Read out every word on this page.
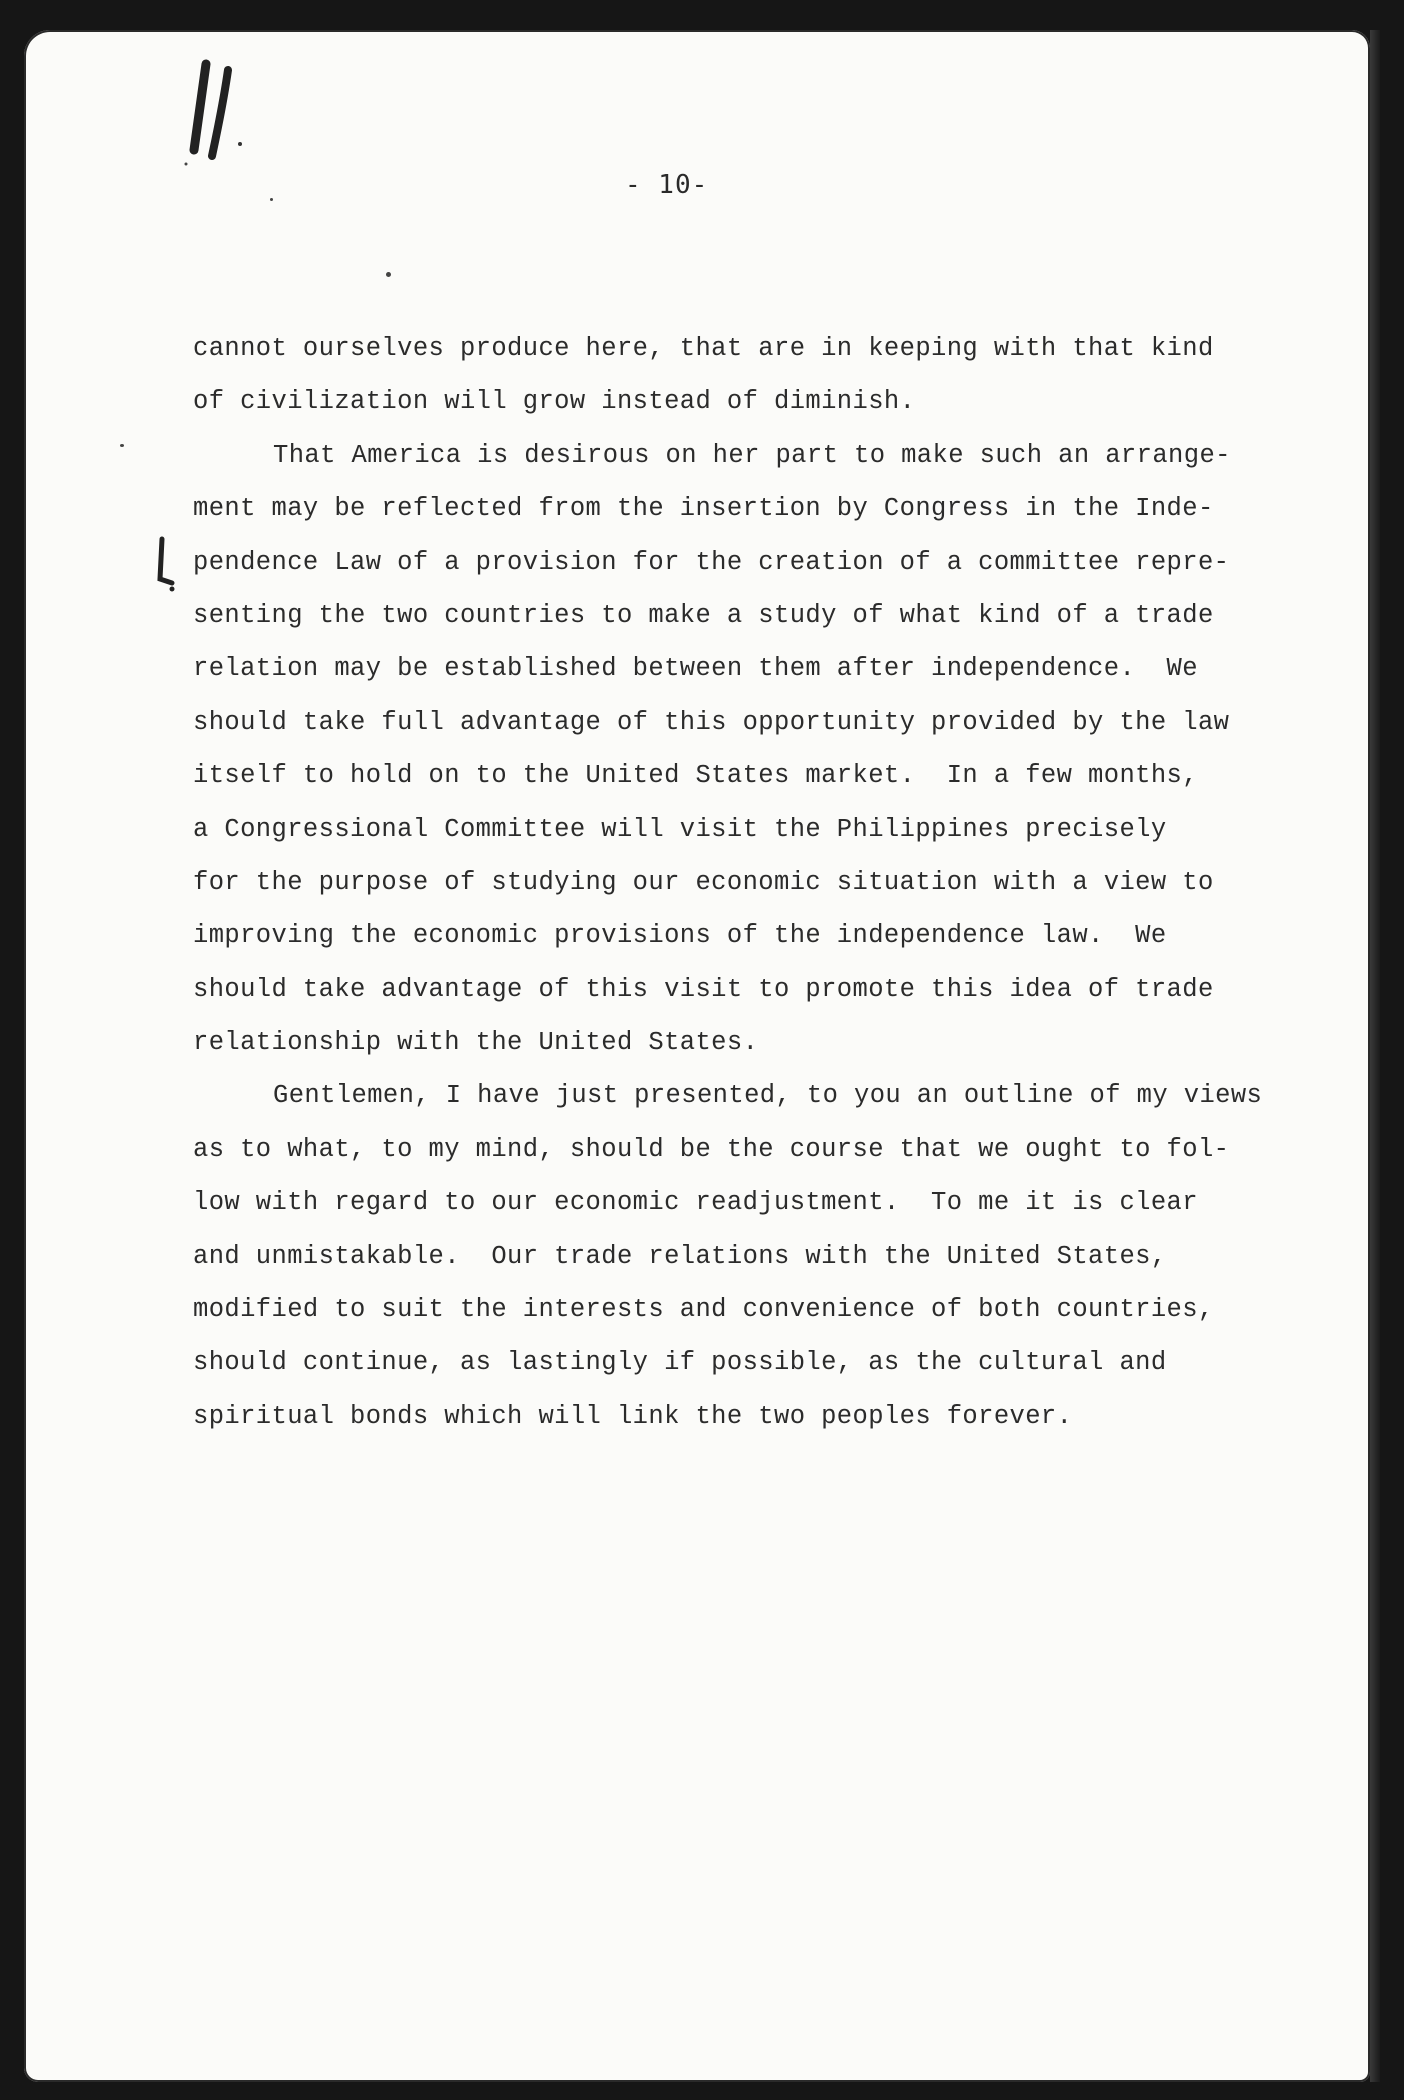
- 10-
cannot ourselves produce here, that are in keeping with that kind
of civilization will grow instead of diminish.
That America is desirous on her part to make such an arrange-
ment may be reflected from the insertion by Congress in the Inde-
pendence Law of a provision for the creation of a committee repre-
senting the two countries to make a study of what kind of a trade
relation may be established between them after independence.  We
should take full advantage of this opportunity provided by the law
itself to hold on to the United States market.  In a few months,
a Congressional Committee will visit the Philippines precisely
for the purpose of studying our economic situation with a view to
improving the economic provisions of the independence law.  We
should take advantage of this visit to promote this idea of trade
relationship with the United States.
Gentlemen, I have just presented, to you an outline of my views
as to what, to my mind, should be the course that we ought to fol-
low with regard to our economic readjustment.  To me it is clear
and unmistakable.  Our trade relations with the United States,
modified to suit the interests and convenience of both countries,
should continue, as lastingly if possible, as the cultural and
spiritual bonds which will link the two peoples forever.
